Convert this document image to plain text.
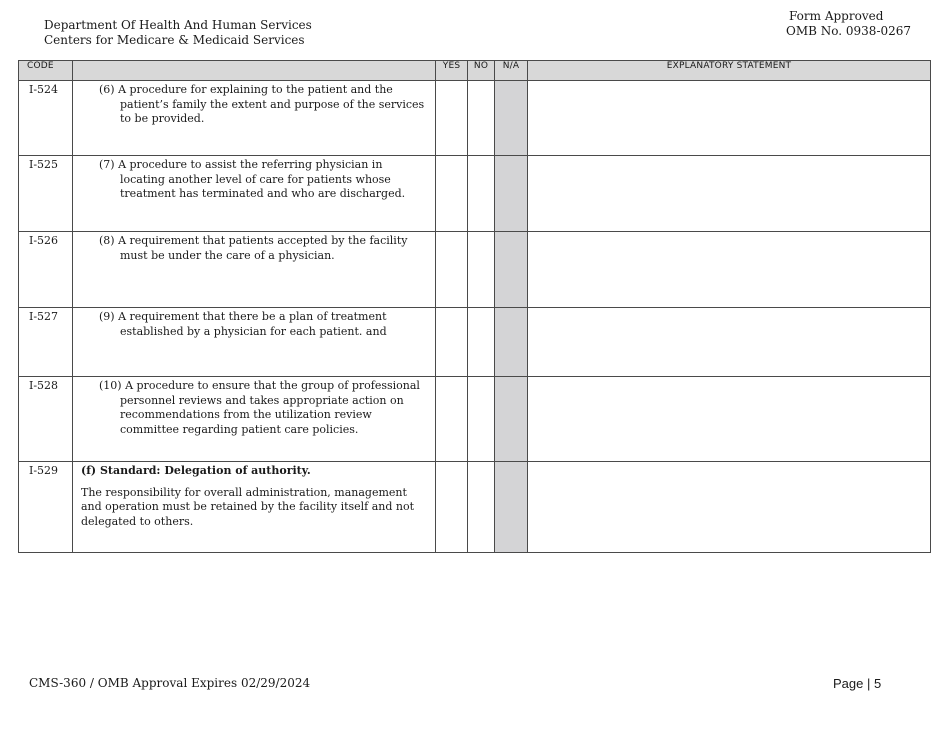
Department Of Health And Human Services
Centers for Medicare & Medicaid Services
Form Approved
OMB No. 0938-0267
CODE		YES	NO	N/A	EXPLANATORY STATEMENT
I-524	(6) A procedure for explaining to the patient and the patient’s family the extent and purpose of the services to be provided.				

I-525	(7) A procedure to assist the referring physician in locating another level of care for patients whose treatment has terminated and who are discharged.				

I-526	(8) A requirement that patients accepted by the facility must be under the care of a physician.				

I-527	(9) A requirement that there be a plan of treatment established by a physician for each patient. and				

I-528	(10) A procedure to ensure that the group of professional personnel reviews and takes appropriate action on recommendations from the utilization review committee regarding patient care policies.				

I-529	(f) Standard: Delegation of authority.
The responsibility for overall administration, management and operation must be retained by the facility itself and not delegated to others.				

CMS-360 / OMB Approval Expires 02/29/2024	Page | 5
